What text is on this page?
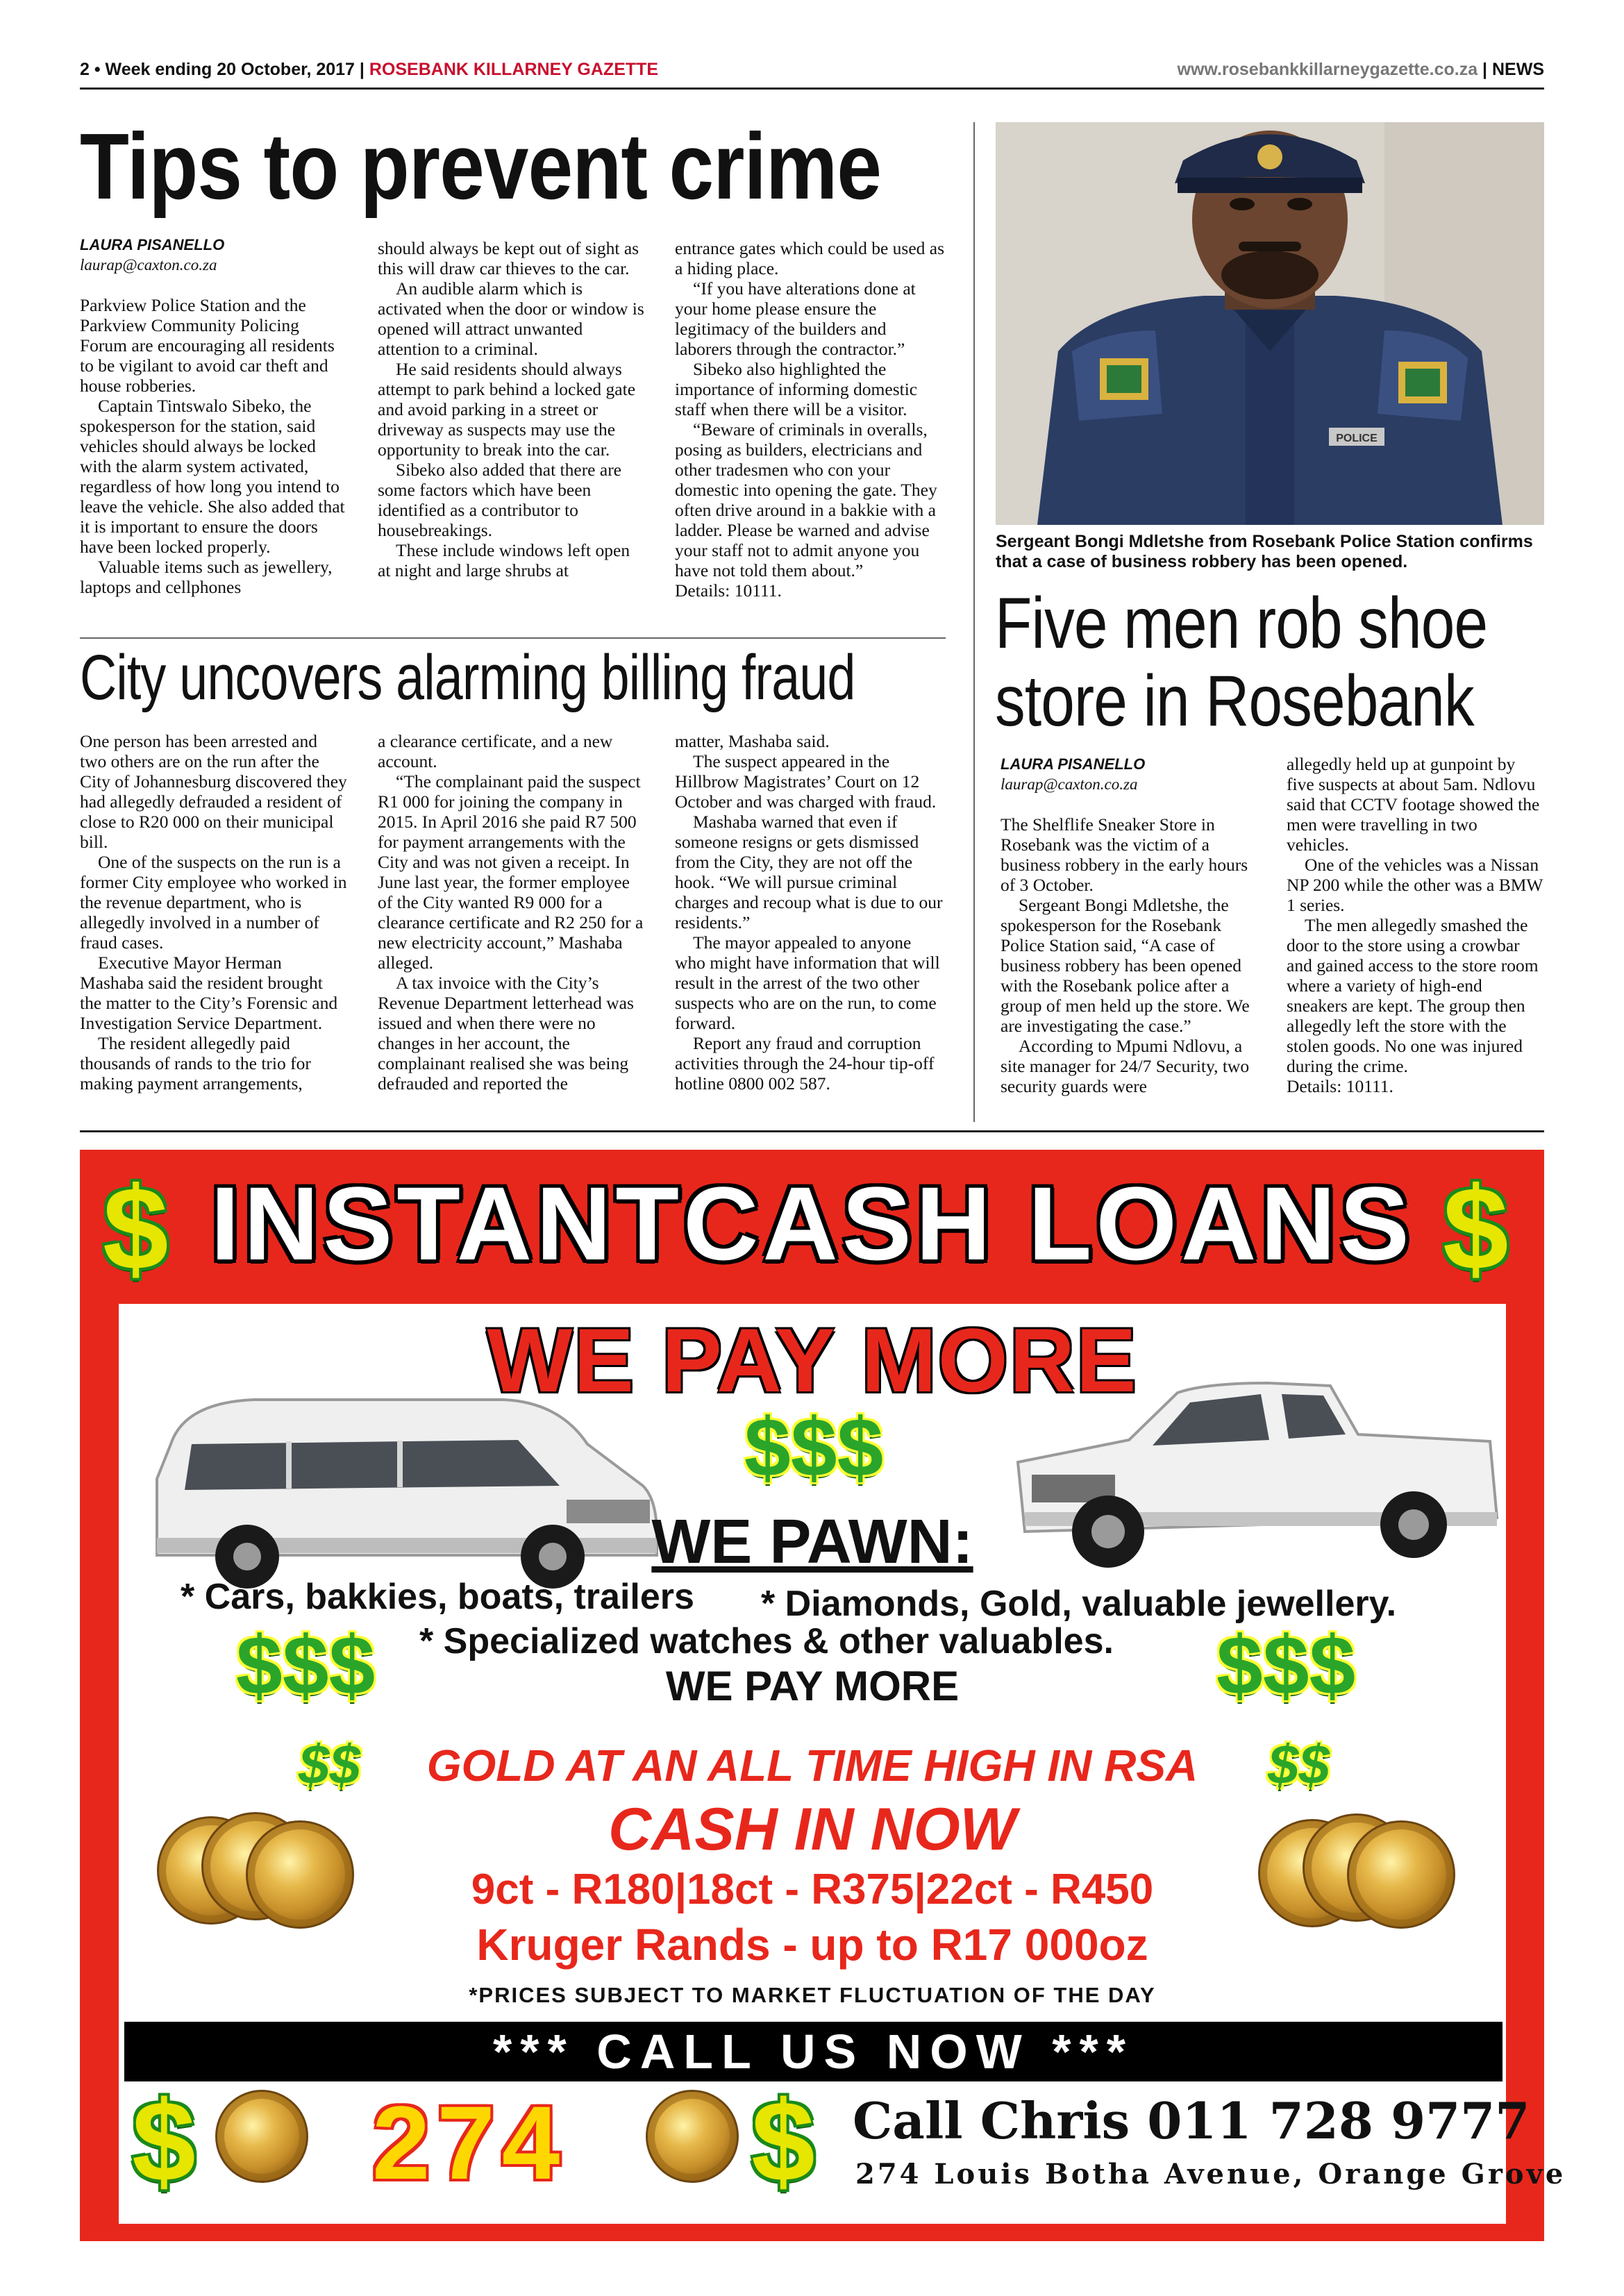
2 • Week ending 20 October, 2017 | ROSEBANK KILLARNEY GAZETTE	www.rosebankkillarneygazette.co.za | NEWS
Tips to prevent crime
LAURA PISANELLO
laurap@caxton.co.za

Parkview Police Station and the Parkview Community Policing Forum are encouraging all residents to be vigilant to avoid car theft and house robberies.

Captain Tintswalo Sibeko, the spokesperson for the station, said vehicles should always be locked with the alarm system activated, regardless of how long you intend to leave the vehicle. She also added that it is important to ensure the doors have been locked properly.

Valuable items such as jewellery, laptops and cellphones

should always be kept out of sight as this will draw car thieves to the car.

An audible alarm which is activated when the door or window is opened will attract unwanted attention to a criminal.

He said residents should always attempt to park behind a locked gate and avoid parking in a street or driveway as suspects may use the opportunity to break into the car.

Sibeko also added that there are some factors which have been identified as a contributor to housebreakings.

These include windows left open at night and large shrubs at

entrance gates which could be used as a hiding place.

“If you have alterations done at your home please ensure the legitimacy of the builders and laborers through the contractor.”

Sibeko also highlighted the importance of informing domestic staff when there will be a visitor.

“Beware of criminals in overalls, posing as builders, electricians and other tradesmen who con your domestic into opening the gate. They often drive around in a bakkie with a ladder. Please be warned and advise your staff not to admit anyone you have not told them about.”

Details: 10111.

POLICE
Sergeant Bongi Mdletshe from Rosebank Police Station confirms that a case of business robbery has been opened.
City uncovers alarming billing fraud

One person has been arrested and two others are on the run after the City of Johannesburg discovered they had allegedly defrauded a resident of close to R20 000 on their municipal bill.

One of the suspects on the run is a former City employee who worked in the revenue department, who is allegedly involved in a number of fraud cases.

Executive Mayor Herman Mashaba said the resident brought the matter to the City’s Forensic and Investigation Service Department.

The resident allegedly paid thousands of rands to the trio for making payment arrangements,

a clearance certificate, and a new account.

“The complainant paid the suspect R1 000 for joining the company in 2015. In April 2016 she paid R7 500 for payment arrangements with the City and was not given a receipt. In June last year, the former employee of the City wanted R9 000 for a clearance certificate and R2 250 for a new electricity account,” Mashaba alleged.

A tax invoice with the City’s Revenue Department letterhead was issued and when there were no changes in her account, the complainant realised she was being defrauded and reported the

matter, Mashaba said.

The suspect appeared in the Hillbrow Magistrates’ Court on 12 October and was charged with fraud.

Mashaba warned that even if someone resigns or gets dismissed from the City, they are not off the hook. “We will pursue criminal charges and recoup what is due to our residents.”

The mayor appealed to anyone who might have information that will result in the arrest of the two other suspects who are on the run, to come forward.

Report any fraud and corruption activities through the 24-hour tip-off hotline 0800 002 587.

Five men rob shoe
store in Rosebank
LAURA PISANELLO
laurap@caxton.co.za

The Shelflife Sneaker Store in Rosebank was the victim of a business robbery in the early hours of 3 October.

Sergeant Bongi Mdletshe, the spokesperson for the Rosebank Police Station said, “A case of business robbery has been opened with the Rosebank police after a group of men held up the store. We are investigating the case.”

According to Mpumi Ndlovu, a site manager for 24/7 Security, two security guards were

allegedly held up at gunpoint by five suspects at about 5am. Ndlovu said that CCTV footage showed the men were travelling in two vehicles.

One of the vehicles was a Nissan NP 200 while the other was a BMW 1 series.

The men allegedly smashed the door to the store using a crowbar and gained access to the store room where a variety of high-end sneakers are kept. The group then allegedly left the store with the stolen goods. No one was injured during the crime.

Details: 10111.

$	$
INSTANTCASH LOANS
WE PAY MORE
$$$
WE PAWN:
* Cars, bakkies, boats, trailers * Diamonds, Gold, valuable jewellery.
* Specialized watches & other valuables.
$$$	$$$
WE PAY MORE
$$	GOLD AT AN ALL TIME HIGH IN RSA	$$
CASH IN NOW
9ct - R180|18ct - R375|22ct - R450
Kruger Rands - up to R17 000oz
*PRICES SUBJECT TO MARKET FLUCTUATION OF THE DAY
*** CALL US NOW ***
$ 274 $ Call Chris 011 728 9777
274 Louis Botha Avenue, Orange Grove
